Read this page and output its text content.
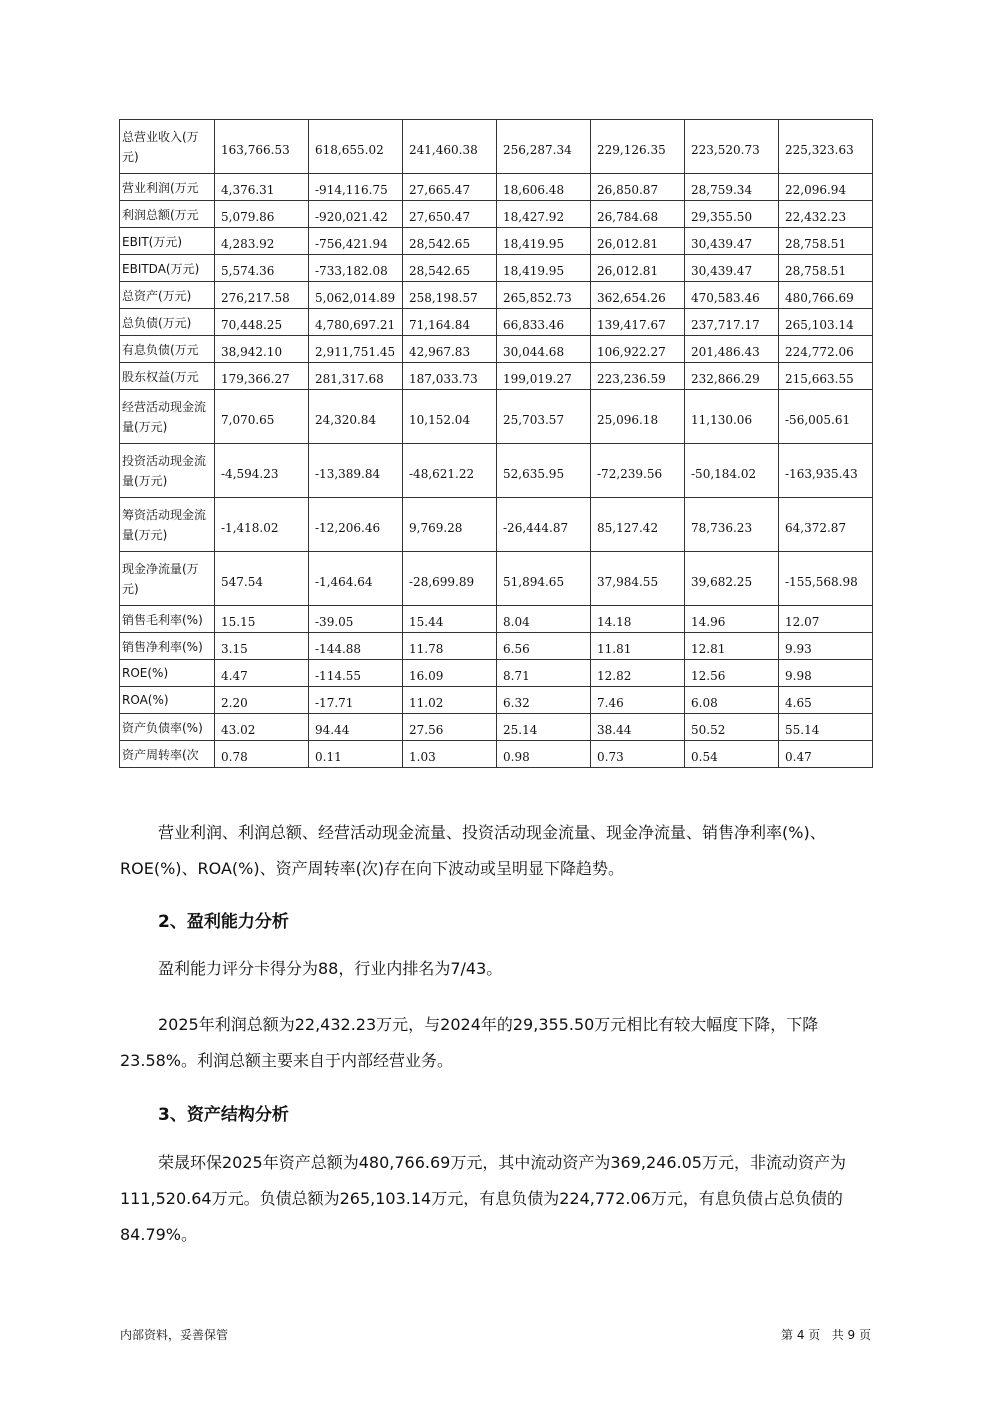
总营业收入(万元)	163,766.53	618,655.02	241,460.38	256,287.34	229,126.35	223,520.73	225,323.63
营业利润(万元	4,376.31	-914,116.75	27,665.47	18,606.48	26,850.87	28,759.34	22,096.94
利润总额(万元	5,079.86	-920,021.42	27,650.47	18,427.92	26,784.68	29,355.50	22,432.23
EBIT(万元)	4,283.92	-756,421.94	28,542.65	18,419.95	26,012.81	30,439.47	28,758.51
EBITDA(万元)	5,574.36	-733,182.08	28,542.65	18,419.95	26,012.81	30,439.47	28,758.51
总资产(万元)	276,217.58	5,062,014.89	258,198.57	265,852.73	362,654.26	470,583.46	480,766.69
总负债(万元)	70,448.25	4,780,697.21	71,164.84	66,833.46	139,417.67	237,717.17	265,103.14
有息负债(万元	38,942.10	2,911,751.45	42,967.83	30,044.68	106,922.27	201,486.43	224,772.06
股东权益(万元	179,366.27	281,317.68	187,033.73	199,019.27	223,236.59	232,866.29	215,663.55
经营活动现金流量(万元)	7,070.65	24,320.84	10,152.04	25,703.57	25,096.18	11,130.06	-56,005.61
投资活动现金流量(万元)	-4,594.23	-13,389.84	-48,621.22	52,635.95	-72,239.56	-50,184.02	-163,935.43
筹资活动现金流量(万元)	-1,418.02	-12,206.46	9,769.28	-26,444.87	85,127.42	78,736.23	64,372.87
现金净流量(万元)	547.54	-1,464.64	-28,699.89	51,894.65	37,984.55	39,682.25	-155,568.98
销售毛利率(%)	15.15	-39.05	15.44	8.04	14.18	14.96	12.07
销售净利率(%)	3.15	-144.88	11.78	6.56	11.81	12.81	9.93
ROE(%)	4.47	-114.55	16.09	8.71	12.82	12.56	9.98
ROA(%)	2.20	-17.71	11.02	6.32	7.46	6.08	4.65
资产负债率(%)	43.02	94.44	27.56	25.14	38.44	50.52	55.14
资产周转率(次	0.78	0.11	1.03	0.98	0.73	0.54	0.47

营业利润、利润总额、经营活动现金流量、投资活动现金流量、现金净流量、销售净利率(%)、ROE(%)、ROA(%)、资产周转率(次)存在向下波动或呈明显下降趋势。

2、盈利能力分析

盈利能力评分卡得分为88，行业内排名为7/43。

2025年利润总额为22,432.23万元，与2024年的29,355.50万元相比有较大幅度下降，下降23.58%。利润总额主要来自于内部经营业务。

3、资产结构分析

荣晟环保2025年资产总额为480,766.69万元，其中流动资产为369,246.05万元，非流动资产为111,520.64万元。负债总额为265,103.14万元，有息负债为224,772.06万元，有息负债占总负债的84.79%。

内部资料，妥善保管	第 4 页   共 9 页
